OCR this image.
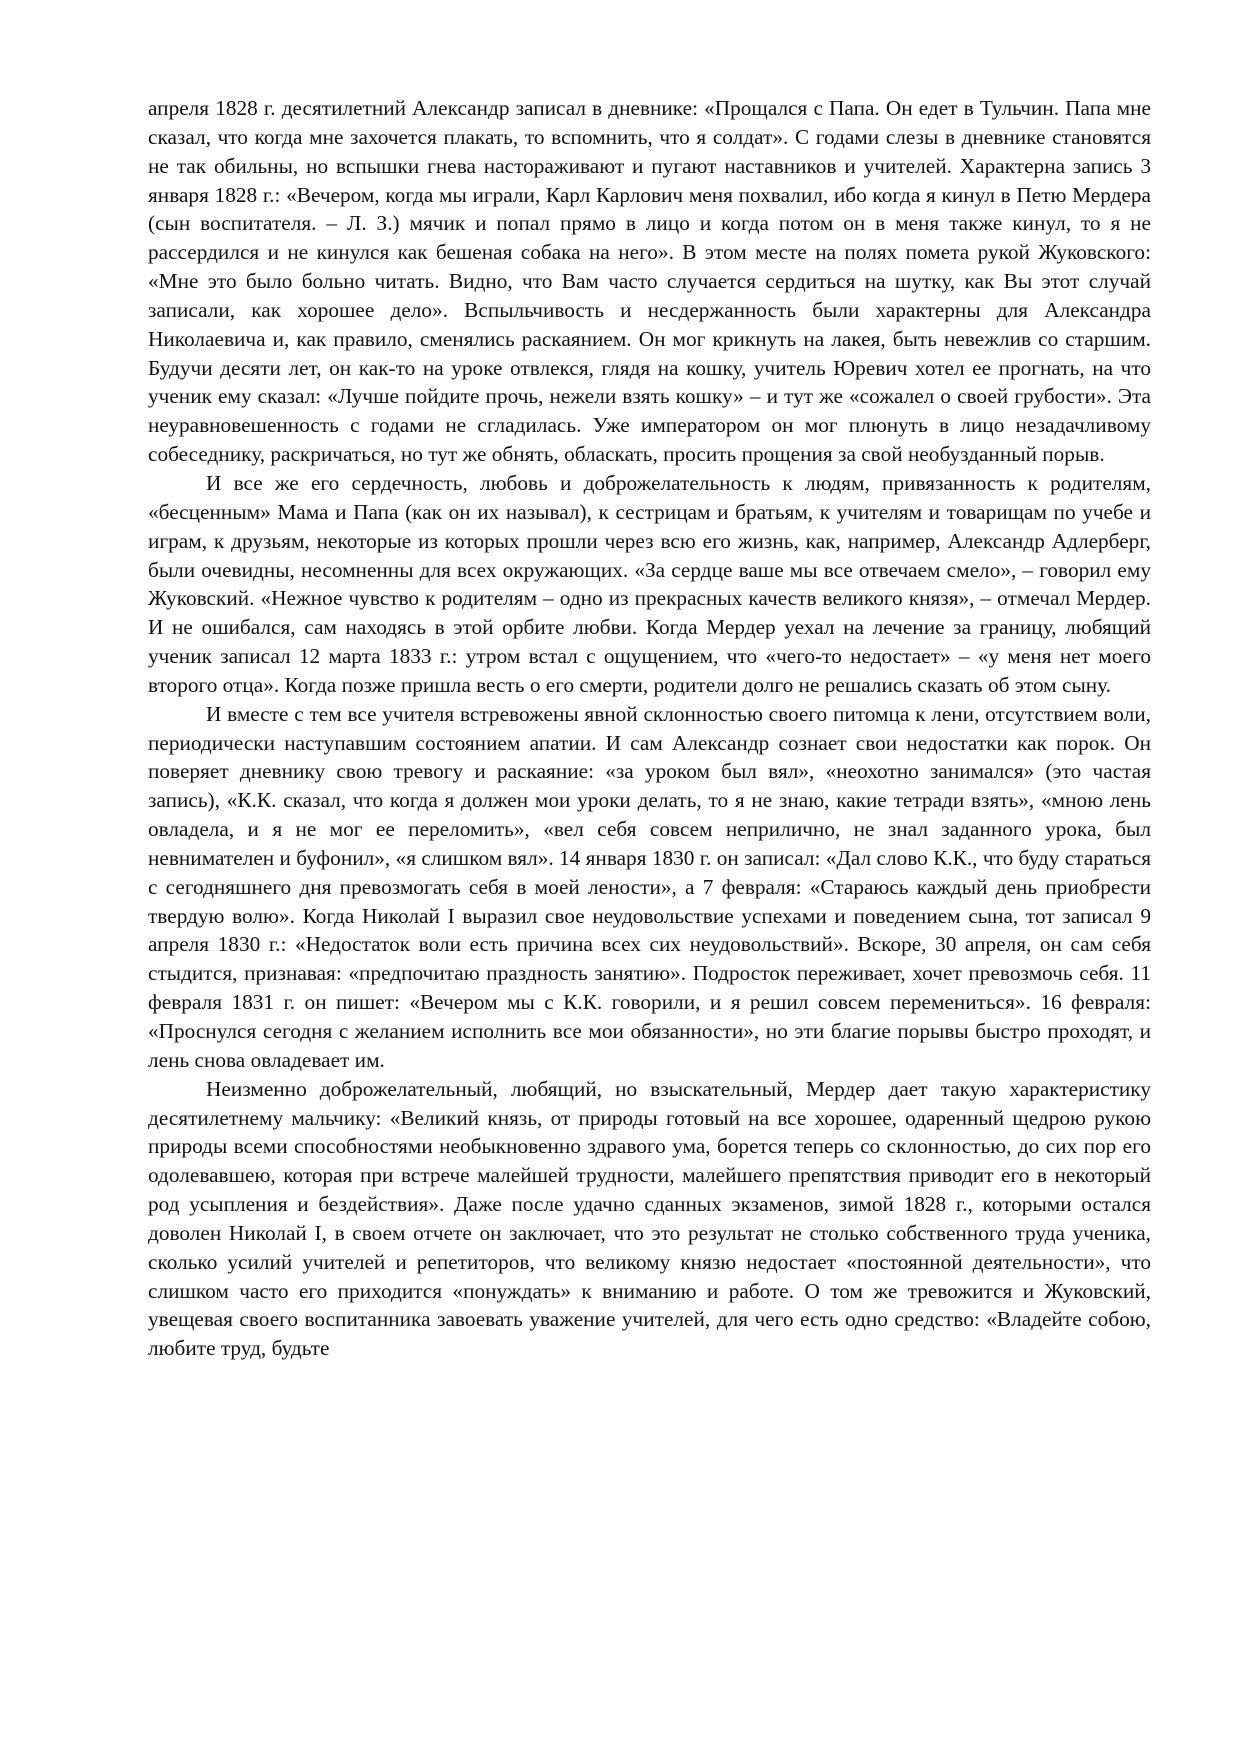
апреля 1828 г. десятилетний Александр записал в дневнике: «Прощался с Папа. Он едет в Тульчин. Папа мне сказал, что когда мне захочется плакать, то вспомнить, что я солдат». С годами слезы в дневнике становятся не так обильны, но вспышки гнева настораживают и пугают наставников и учителей. Характерна запись 3 января 1828 г.: «Вечером, когда мы играли, Карл Карлович меня похвалил, ибо когда я кинул в Петю Мердера (сын воспитателя. – Л. З.) мячик и попал прямо в лицо и когда потом он в меня также кинул, то я не рассердился и не кинулся как бешеная собака на него». В этом месте на полях помета рукой Жуковского: «Мне это было больно читать. Видно, что Вам часто случается сердиться на шутку, как Вы этот случай записали, как хорошее дело». Вспыльчивость и несдержанность были характерны для Александра Николаевича и, как правило, сменялись раскаянием. Он мог крикнуть на лакея, быть невежлив со старшим. Будучи десяти лет, он как-то на уроке отвлекся, глядя на кошку, учитель Юревич хотел ее прогнать, на что ученик ему сказал: «Лучше пойдите прочь, нежели взять кошку» – и тут же «сожалел о своей грубости». Эта неуравновешенность с годами не сгладилась. Уже императором он мог плюнуть в лицо незадачливому собеседнику, раскричаться, но тут же обнять, обласкать, просить прощения за свой необузданный порыв.

И все же его сердечность, любовь и доброжелательность к людям, привязанность к родителям, «бесценным» Мама и Папа (как он их называл), к сестрицам и братьям, к учителям и товарищам по учебе и играм, к друзьям, некоторые из которых прошли через всю его жизнь, как, например, Александр Адлерберг, были очевидны, несомненны для всех окружающих. «За сердце ваше мы все отвечаем смело», – говорил ему Жуковский. «Нежное чувство к родителям – одно из прекрасных качеств великого князя», – отмечал Мердер. И не ошибался, сам находясь в этой орбите любви. Когда Мердер уехал на лечение за границу, любящий ученик записал 12 марта 1833 г.: утром встал с ощущением, что «чего-то недостает» – «у меня нет моего второго отца». Когда позже пришла весть о его смерти, родители долго не решались сказать об этом сыну.

И вместе с тем все учителя встревожены явной склонностью своего питомца к лени, отсутствием воли, периодически наступавшим состоянием апатии. И сам Александр сознает свои недостатки как порок. Он поверяет дневнику свою тревогу и раскаяние: «за уроком был вял», «неохотно занимался» (это частая запись), «К.К. сказал, что когда я должен мои уроки делать, то я не знаю, какие тетради взять», «мною лень овладела, и я не мог ее переломить», «вел себя совсем неприлично, не знал заданного урока, был невнимателен и буфонил», «я слишком вял». 14 января 1830 г. он записал: «Дал слово К.К., что буду стараться с сегодняшнего дня превозмогать себя в моей лености», а 7 февраля: «Стараюсь каждый день приобрести твердую волю». Когда Николай I выразил свое неудовольствие успехами и поведением сына, тот записал 9 апреля 1830 г.: «Недостаток воли есть причина всех сих неудовольствий». Вскоре, 30 апреля, он сам себя стыдится, признавая: «предпочитаю праздность занятию». Подросток переживает, хочет превозмочь себя. 11 февраля 1831 г. он пишет: «Вечером мы с К.К. говорили, и я решил совсем перемениться». 16 февраля: «Проснулся сегодня с желанием исполнить все мои обязанности», но эти благие порывы быстро проходят, и лень снова овладевает им.

Неизменно доброжелательный, любящий, но взыскательный, Мердер дает такую характеристику десятилетнему мальчику: «Великий князь, от природы готовый на все хорошее, одаренный щедрою рукою природы всеми способностями необыкновенно здравого ума, борется теперь со склонностью, до сих пор его одолевавшею, которая при встрече малейшей трудности, малейшего препятствия приводит его в некоторый род усыпления и бездействия». Даже после удачно сданных экзаменов, зимой 1828 г., которыми остался доволен Николай I, в своем отчете он заключает, что это результат не столько собственного труда ученика, сколько усилий учителей и репетиторов, что великому князю недостает «постоянной деятельности», что слишком часто его приходится «понуждать» к вниманию и работе. О том же тревожится и Жуковский, увещевая своего воспитанника завоевать уважение учителей, для чего есть одно средство: «Владейте собою, любите труд, будьте
